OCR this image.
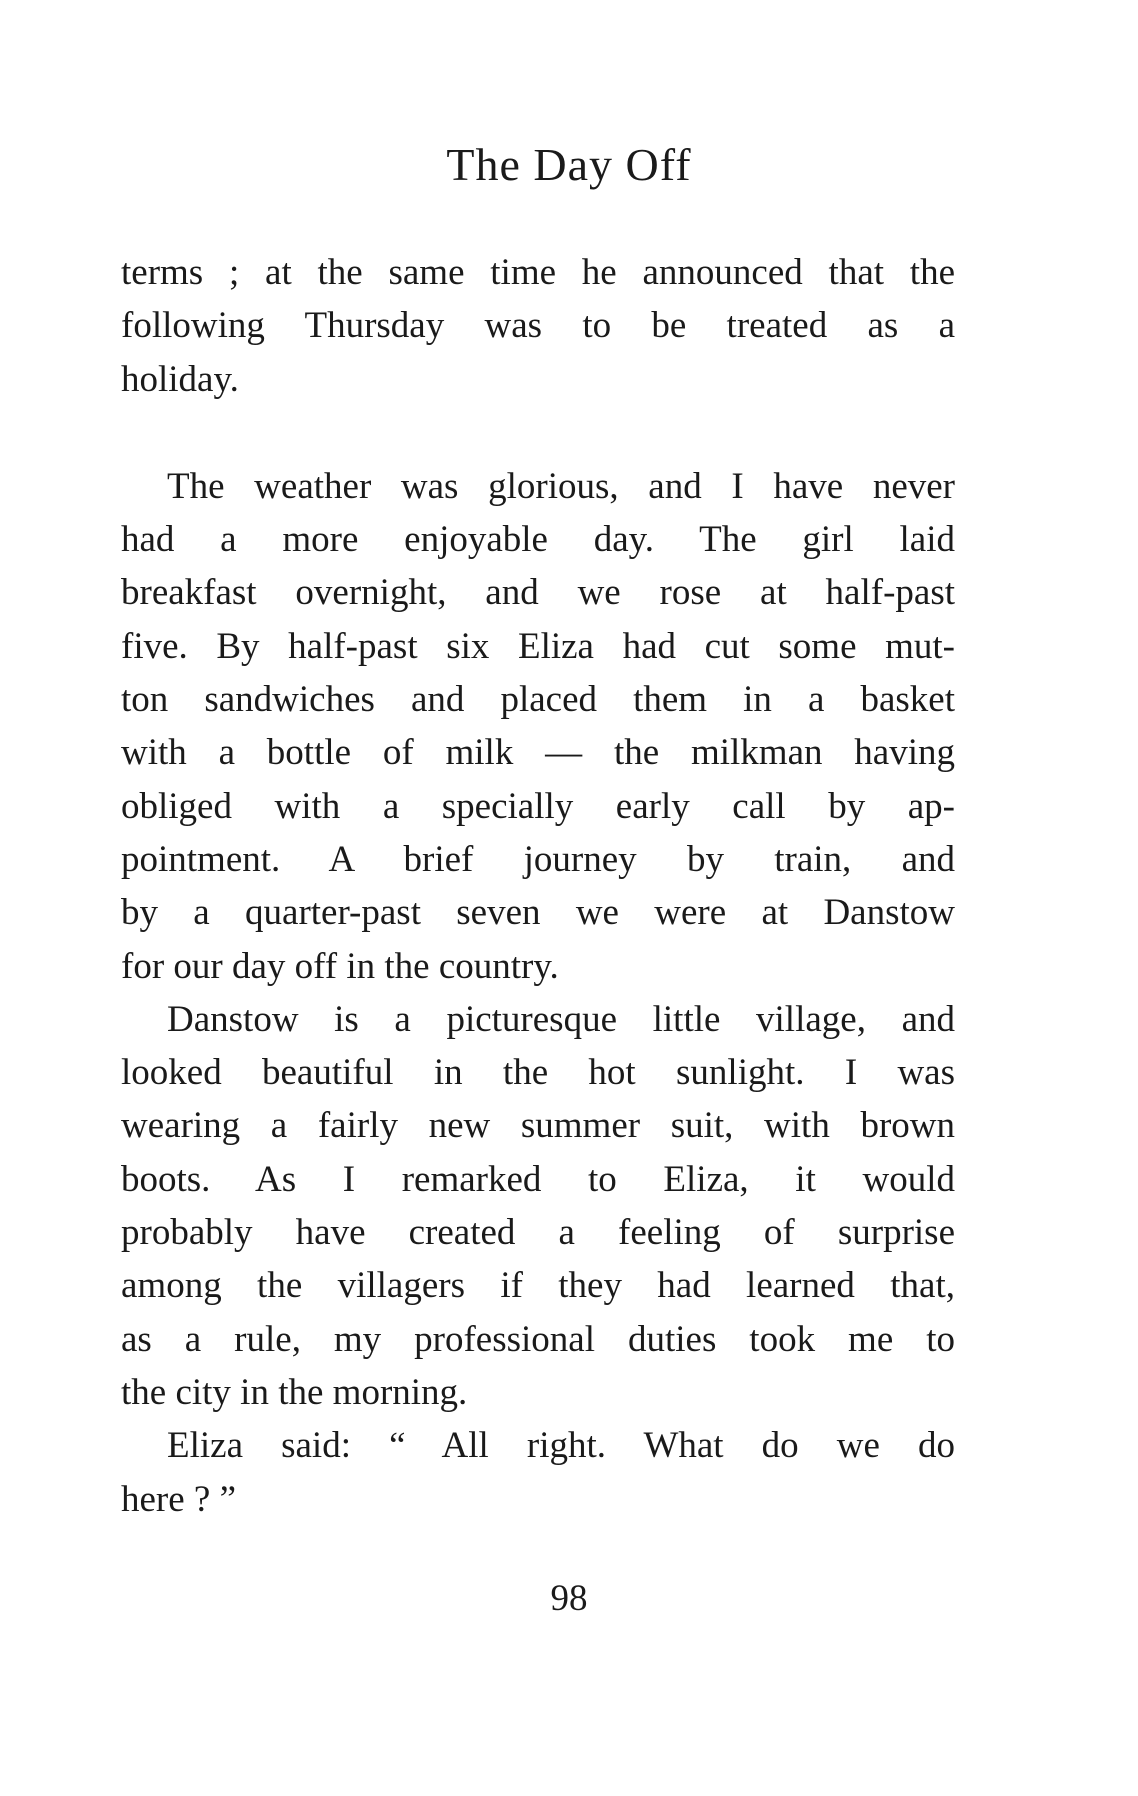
The Day Off
terms ; at the same time he announced that the
following Thursday was to be treated as a
holiday.
The weather was glorious, and I have never
had a more enjoyable day. The girl laid
breakfast overnight, and we rose at half-past
five. By half-past six Eliza had cut some mut-
ton sandwiches and placed them in a basket
with a bottle of milk — the milkman having
obliged with a specially early call by ap-
pointment. A brief journey by train, and
by a quarter-past seven we were at Danstow
for our day off in the country.
Danstow is a picturesque little village, and
looked beautiful in the hot sunlight. I was
wearing a fairly new summer suit, with brown
boots. As I remarked to Eliza, it would
probably have created a feeling of surprise
among the villagers if they had learned that,
as a rule, my professional duties took me to
the city in the morning.
Eliza said: “ All right. What do we do
here ? ”
98
